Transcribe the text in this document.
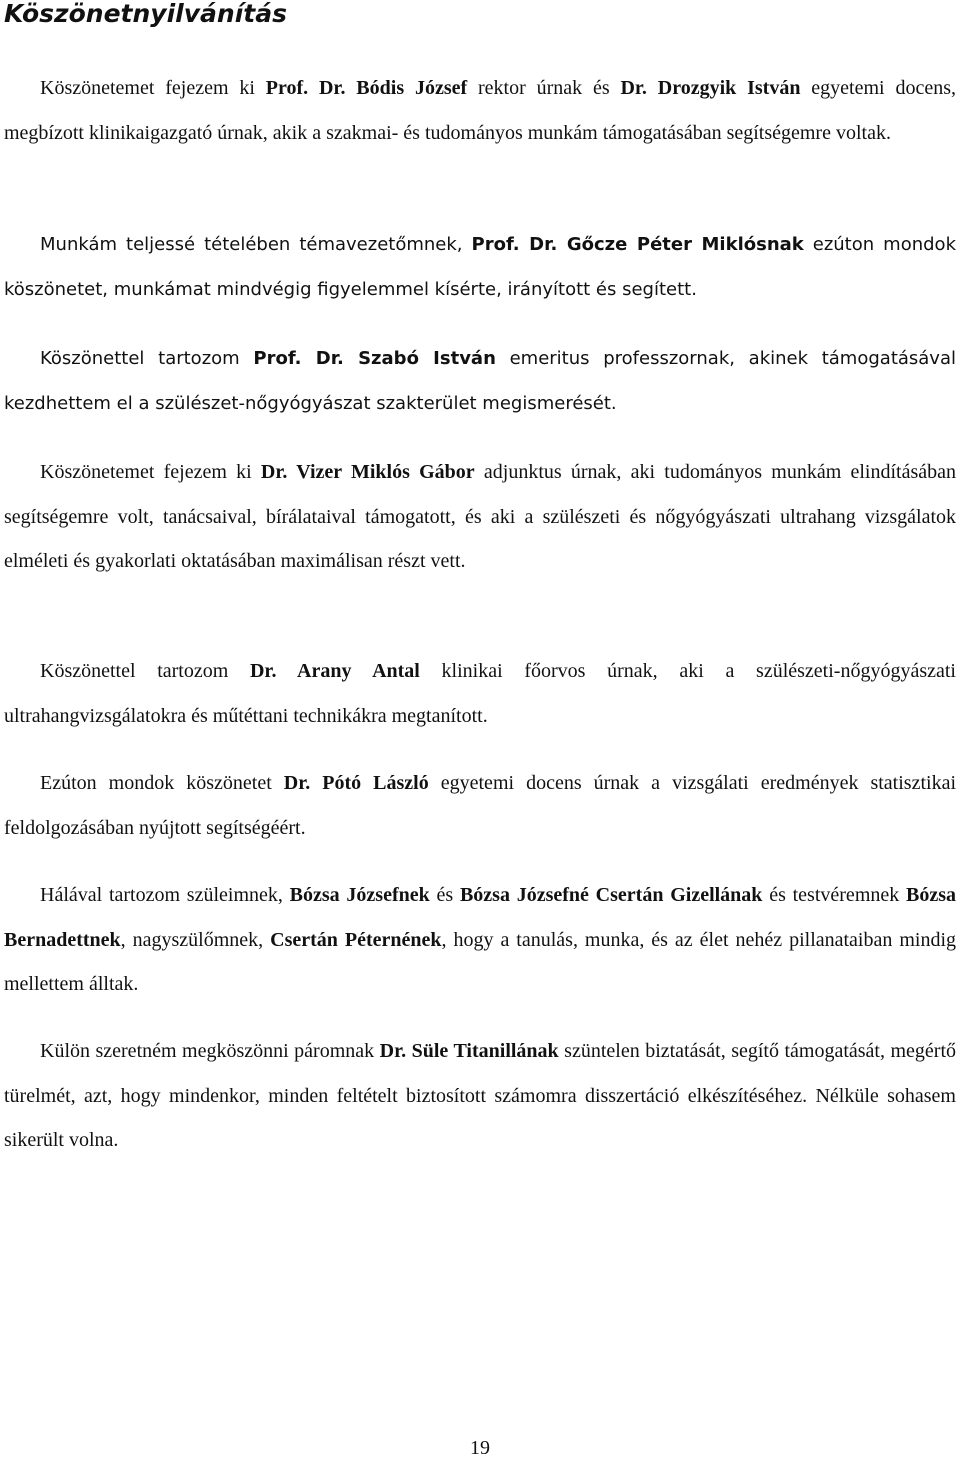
Köszönetnyilvánítás

Köszönetemet fejezem ki Prof. Dr. Bódis József rektor úrnak és Dr. Drozgyik István egyetemi docens, megbízott klinikaigazgató úrnak, akik a szakmai- és tudományos munkám támogatásában segítségemre voltak.

Munkám teljessé tételében témavezetőmnek, Prof. Dr. Gőcze Péter Miklósnak ezúton mondok köszönetet, munkámat mindvégig figyelemmel kísérte, irányított és segített.

Köszönettel tartozom Prof. Dr. Szabó István emeritus professzornak, akinek támogatásával kezdhettem el a szülészet-nőgyógyászat szakterület megismerését.

Köszönetemet fejezem ki Dr. Vizer Miklós Gábor adjunktus úrnak, aki tudományos munkám elindításában segítségemre volt, tanácsaival, bírálataival támogatott, és aki a szülészeti és nőgyógyászati ultrahang vizsgálatok elméleti és gyakorlati oktatásában maximálisan részt vett.

Köszönettel tartozom Dr. Arany Antal klinikai főorvos úrnak, aki a szülészeti-nőgyógyászati ultrahangvizsgálatokra és műtéttani technikákra megtanított.

Ezúton mondok köszönetet Dr. Pótó László egyetemi docens úrnak a vizsgálati eredmények statisztikai feldolgozásában nyújtott segítségéért.

Hálával tartozom szüleimnek, Bózsa Józsefnek és Bózsa Józsefné Csertán Gizellának és testvéremnek Bózsa Bernadettnek, nagyszülőmnek, Csertán Péternének, hogy a tanulás, munka, és az élet nehéz pillanataiban mindig mellettem álltak.

Külön szeretném megköszönni páromnak Dr. Süle Titanillának szüntelen biztatását, segítő támogatását, megértő türelmét, azt, hogy mindenkor, minden feltételt biztosított számomra disszertáció elkészítéséhez. Nélküle sohasem sikerült volna.

19
